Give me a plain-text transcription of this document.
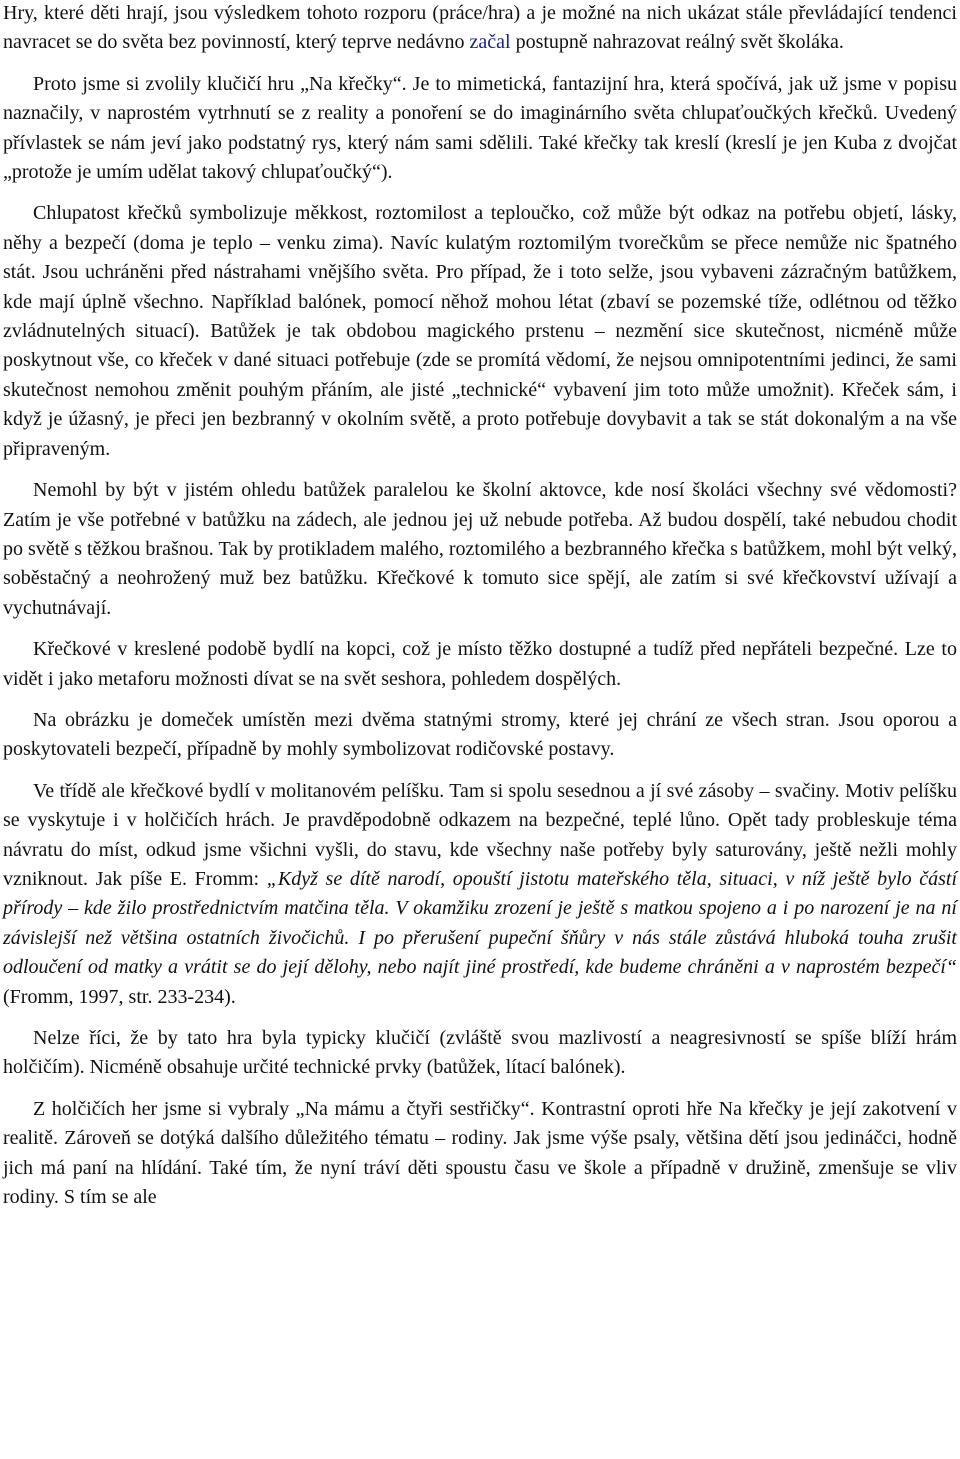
Hry, které děti hrají, jsou výsledkem tohoto rozporu (práce/hra) a je možné na nich ukázat stále převládající tendenci navracet se do světa bez povinností, který teprve nedávno začal postupně nahrazovat reálný svět školáka.

Proto jsme si zvolily klučičí hru „Na křečky“. Je to mimetická, fantazijní hra, která spočívá, jak už jsme v popisu naznačily, v naprostém vytrhnutí se z reality a ponoření se do imaginárního světa chlupaťoučkých křečků. Uvedený přívlastek se nám jeví jako podstatný rys, který nám sami sdělili. Také křečky tak kreslí (kreslí je jen Kuba z dvojčat „protože je umím udělat takový chlupaťoučký“).

Chlupatost křečků symbolizuje měkkost, roztomilost a teploučko, což může být odkaz na potřebu objetí, lásky, něhy a bezpečí (doma je teplo – venku zima). Navíc kulatým roztomilým tvorečkům se přece nemůže nic špatného stát. Jsou uchráněni před nástrahami vnějšího světa. Pro případ, že i toto selže, jsou vybaveni zázračným batůžkem, kde mají úplně všechno. Například balónek, pomocí něhož mohou létat (zbaví se pozemské tíže, odlétnou od těžko zvládnutelných situací). Batůžek je tak obdobou magického prstenu – nezmění sice skutečnost, nicméně může poskytnout vše, co křeček v dané situaci potřebuje (zde se promítá vědomí, že nejsou omnipotentními jedinci, že sami skutečnost nemohou změnit pouhým přáním, ale jisté „technické“ vybavení jim toto může umožnit). Křeček sám, i když je úžasný, je přeci jen bezbranný v okolním světě, a proto potřebuje dovybavit a tak se stát dokonalým a na vše připraveným.

Nemohl by být v jistém ohledu batůžek paralelou ke školní aktovce, kde nosí školáci všechny své vědomosti? Zatím je vše potřebné v batůžku na zádech, ale jednou jej už nebude potřeba. Až budou dospělí, také nebudou chodit po světě s těžkou brašnou. Tak by protikladem malého, roztomilého a bezbranného křečka s batůžkem, mohl být velký, soběstačný a neohrožený muž bez batůžku. Křečkové k tomuto sice spějí, ale zatím si své křečkovství užívají a vychutnávají.

Křečkové v kreslené podobě bydlí na kopci, což je místo těžko dostupné a tudíž před nepřáteli bezpečné. Lze to vidět i jako metaforu možnosti dívat se na svět seshora, pohledem dospělých.

Na obrázku je domeček umístěn mezi dvěma statnými stromy, které jej chrání ze všech stran. Jsou oporou a poskytovateli bezpečí, případně by mohly symbolizovat rodičovské postavy.

Ve třídě ale křečkové bydlí v molitanovém pelíšku. Tam si spolu sesednou a jí své zásoby – svačiny. Motiv pelíšku se vyskytuje i v holčičích hrách. Je pravděpodobně odkazem na bezpečné, teplé lůno. Opět tady probleskuje téma návratu do míst, odkud jsme všichni vyšli, do stavu, kde všechny naše potřeby byly saturovány, ještě nežli mohly vzniknout. Jak píše E. Fromm: „Když se dítě narodí, opouští jistotu mateřského těla, situaci, v níž ještě bylo částí přírody – kde žilo prostřednictvím matčina těla. V okamžiku zrození je ještě s matkou spojeno a i po narození je na ní závislejší než většina ostatních živočichů. I po přerušení pupeční šňůry v nás stále zůstává hluboká touha zrušit odloučení od matky a vrátit se do její dělohy, nebo najít jiné prostředí, kde budeme chráněni a v naprostém bezpečí“ (Fromm, 1997, str. 233-234).

Nelze říci, že by tato hra byla typicky klučičí (zvláště svou mazlivostí a neagresivností se spíše blíží hrám holčičím). Nicméně obsahuje určité technické prvky (batůžek, lítací balónek).

Z holčičích her jsme si vybraly „Na mámu a čtyři sestřičky“. Kontrastní oproti hře Na křečky je její zakotvení v realitě. Zároveň se dotýká dalšího důležitého tématu – rodiny. Jak jsme výše psaly, většina dětí jsou jedináčci, hodně jich má paní na hlídání. Také tím, že nyní tráví děti spoustu času ve škole a případně v družině, zmenšuje se vliv rodiny. S tím se ale
